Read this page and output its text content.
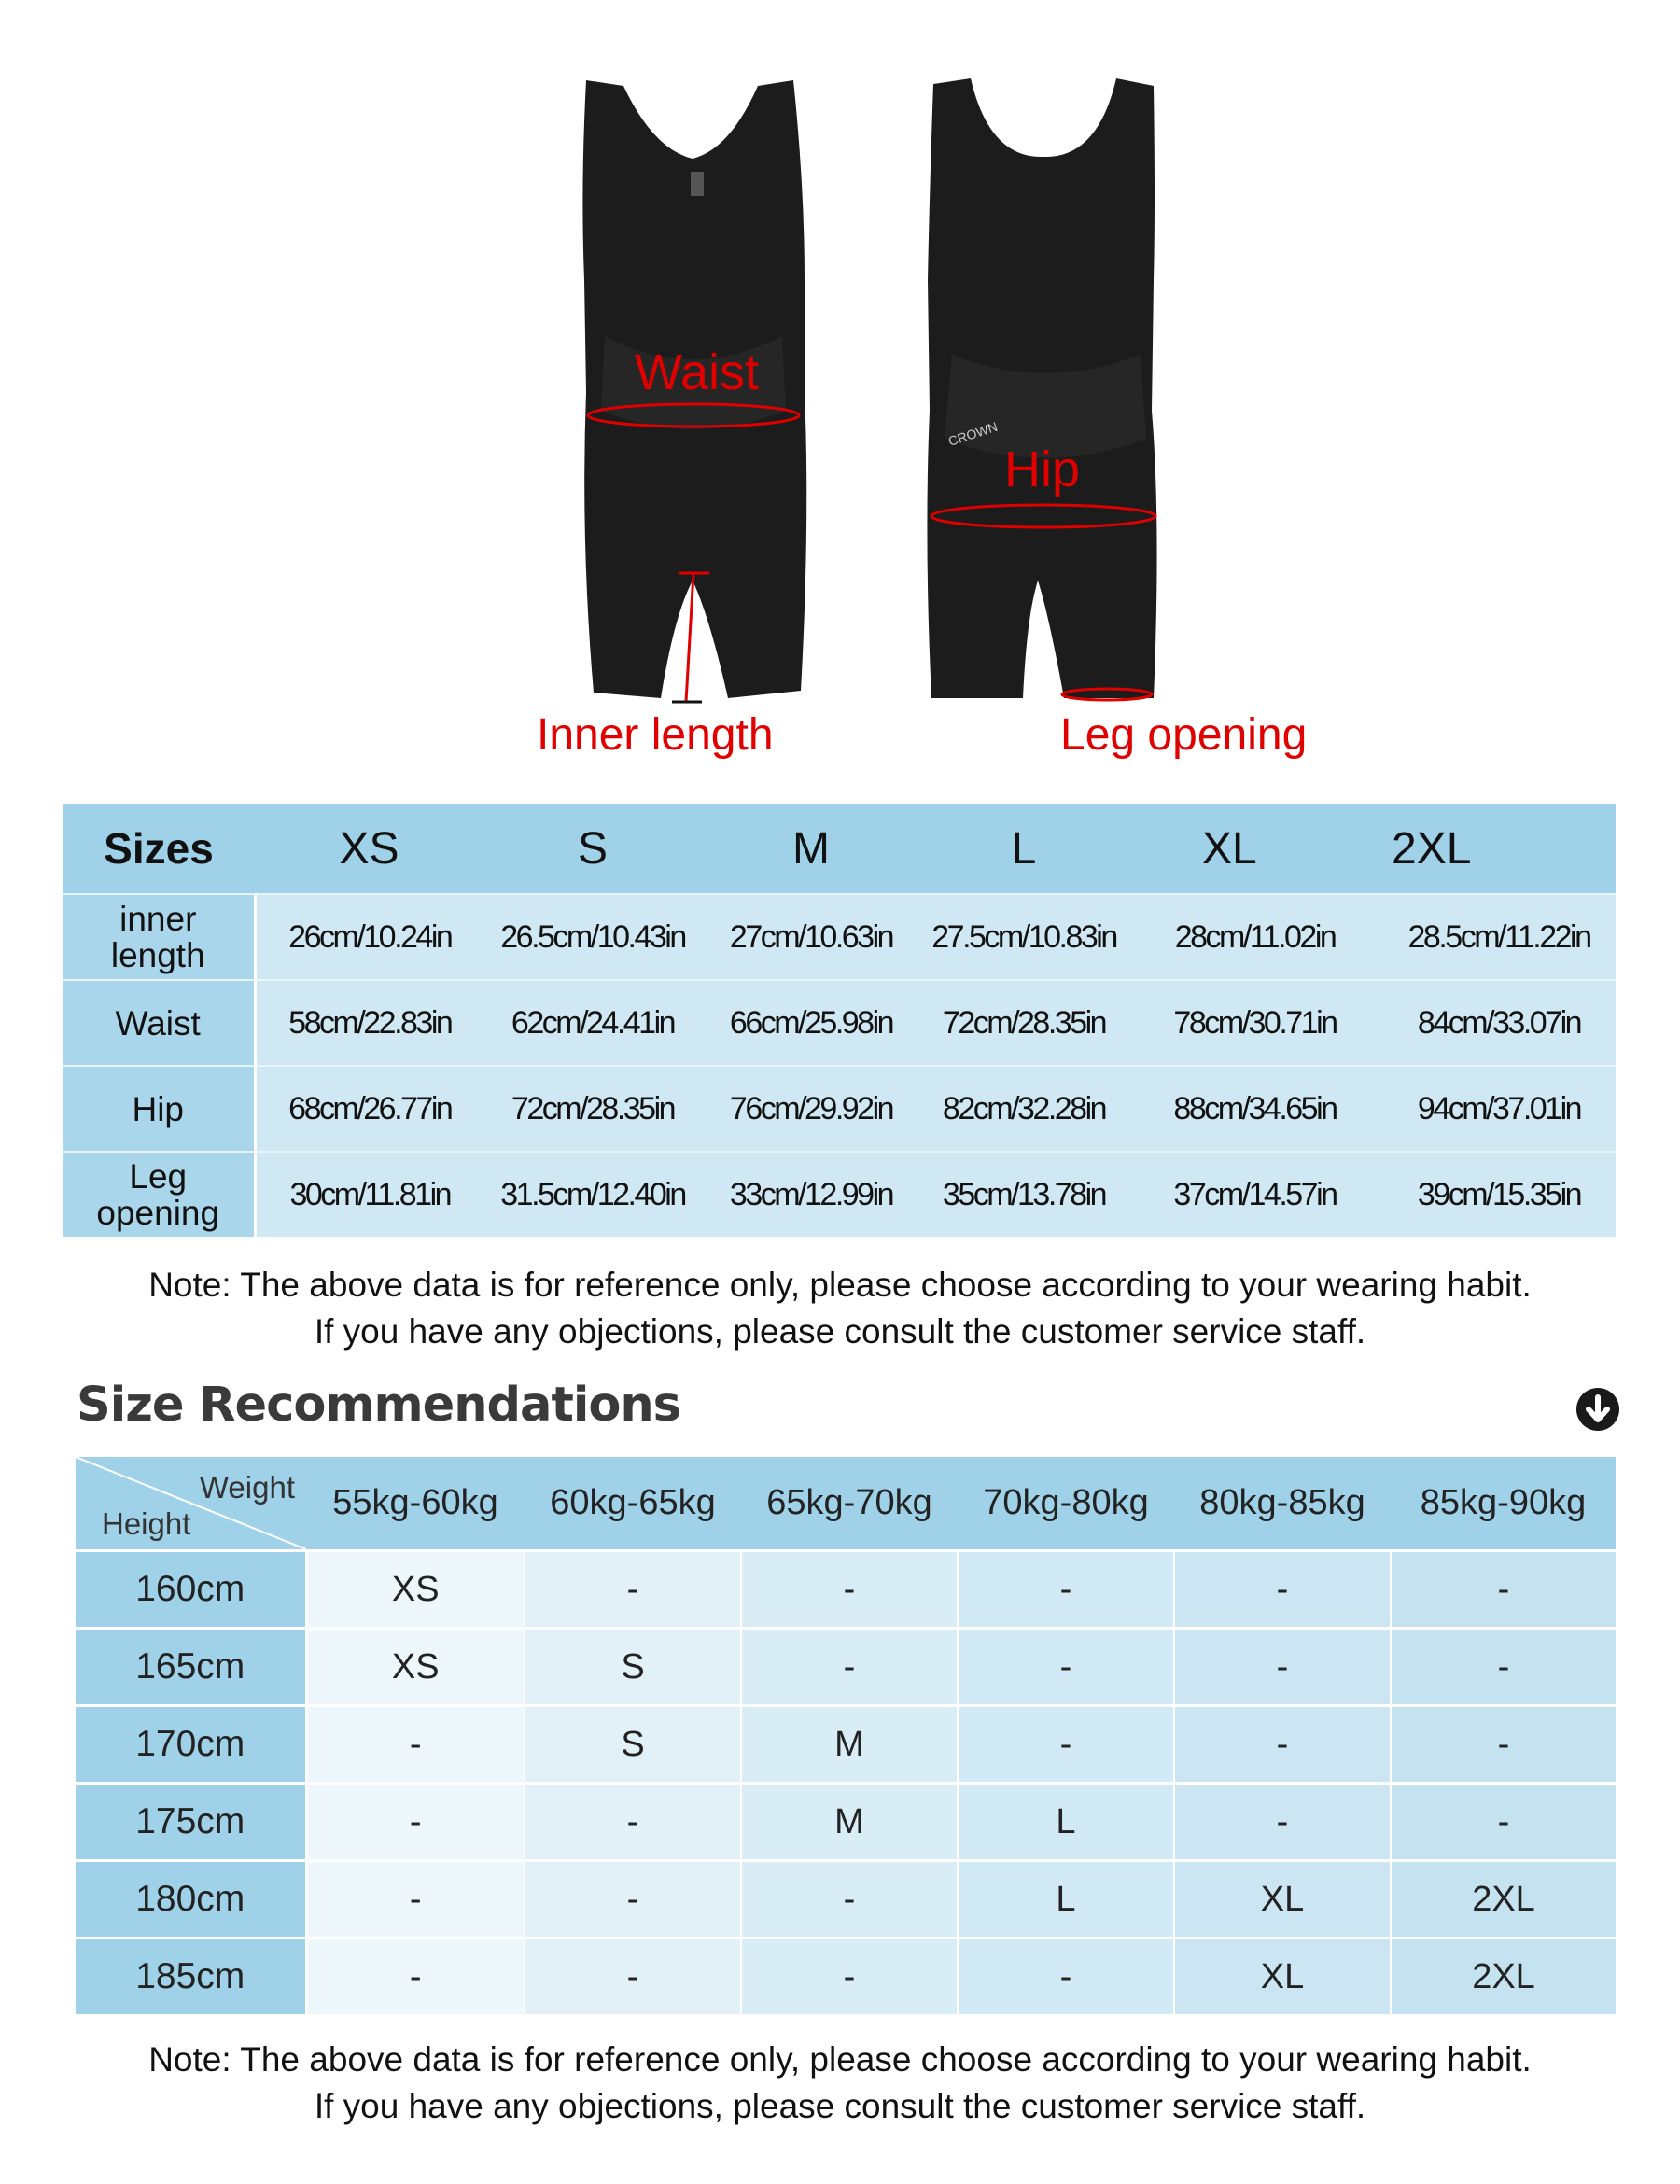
CROWN
Waist
Hip
Inner length	Leg opening
Sizes	XS	S	M	L	XL	2XL
inner
length	26cm/10.24in	26.5cm/10.43in	27cm/10.63in	27.5cm/10.83in	28cm/11.02in	28.5cm/11.22in
Waist	58cm/22.83in	62cm/24.41in	66cm/25.98in	72cm/28.35in	78cm/30.71in	84cm/33.07in
Hip	68cm/26.77in	72cm/28.35in	76cm/29.92in	82cm/32.28in	88cm/34.65in	94cm/37.01in
Leg
opening	30cm/11.81in	31.5cm/12.40in	33cm/12.99in	35cm/13.78in	37cm/14.57in	39cm/15.35in
Note: The above data is for reference only, please choose according to your wearing habit.
If you have any objections, please consult the customer service staff.
Size Recommendations
Weight
Height	55kg-60kg	60kg-65kg	65kg-70kg	70kg-80kg	80kg-85kg	85kg-90kg
160cm	XS	-	-	-	-	-
165cm	XS	S	-	-	-	-
170cm	-	S	M	-	-	-
175cm	-	-	M	L	-	-
180cm	-	-	-	L	XL	2XL
185cm	-	-	-	-	XL	2XL
Note: The above data is for reference only, please choose according to your wearing habit.
If you have any objections, please consult the customer service staff.
